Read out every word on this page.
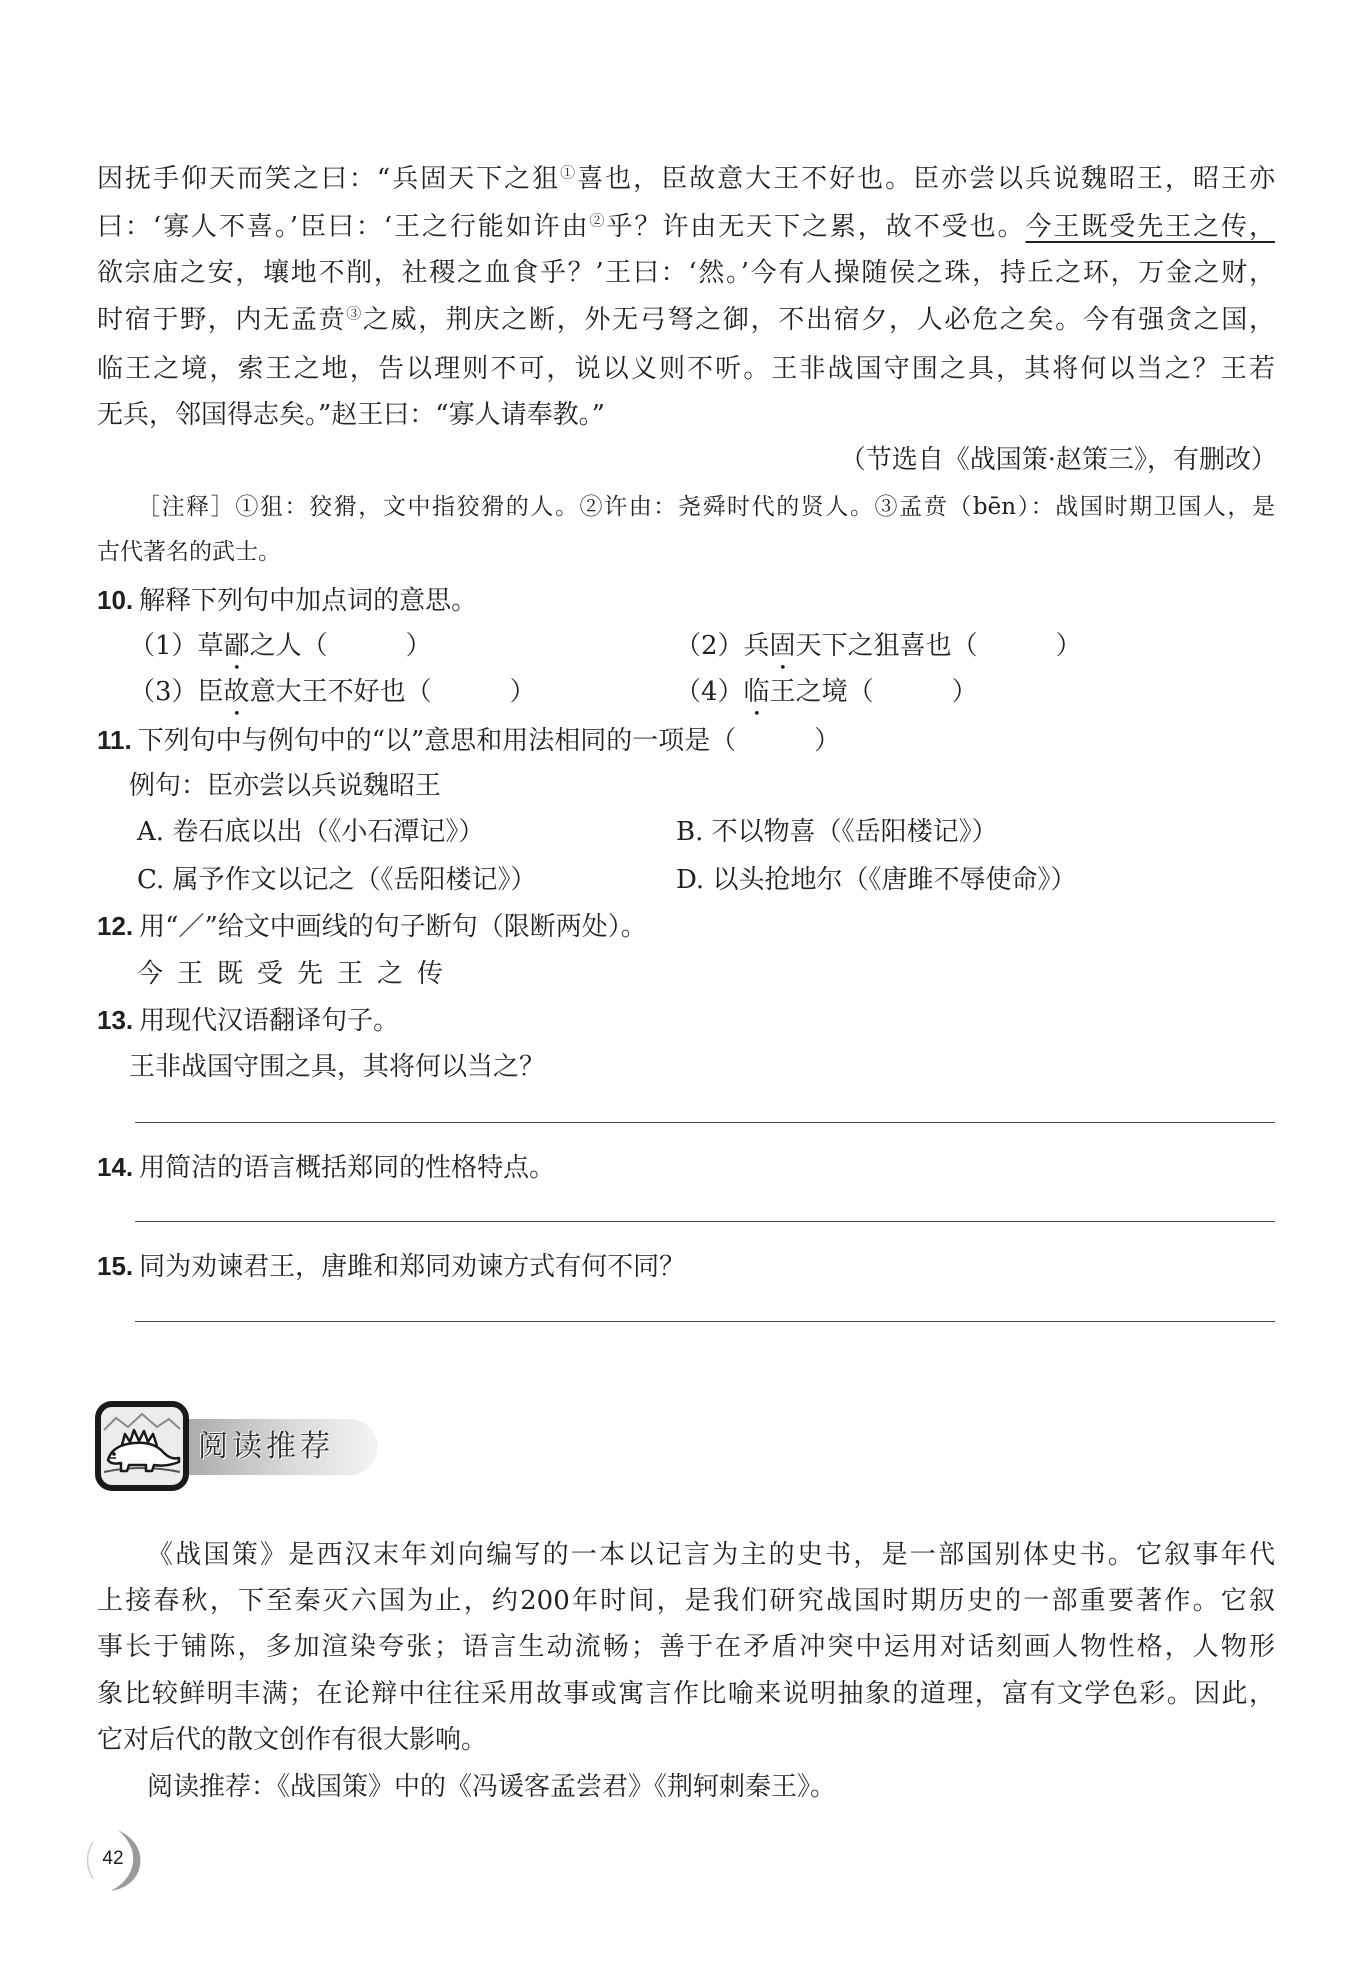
因抚手仰天而笑之曰：“兵固天下之狙①喜也，臣故意大王不好也。臣亦尝以兵说魏昭王，昭王亦
曰：‘寡人不喜。’臣曰：‘王之行能如许由②乎？许由无天下之累，故不受也。今王既受先王之传，
欲宗庙之安，壤地不削，社稷之血食乎？’王曰：‘然。’今有人操随侯之珠，持丘之环，万金之财，
时宿于野，内无孟贲③之威，荆庆之断，外无弓弩之御，不出宿夕，人必危之矣。今有强贪之国，
临王之境，索王之地，告以理则不可，说以义则不听。王非战国守围之具，其将何以当之？王若
无兵，邻国得志矣。”赵王曰：“寡人请奉教。”
（节选自《战国策·赵策三》，有删改）
［注释］①狙：狡猾，文中指狡猾的人。②许由：尧舜时代的贤人。③孟贲（bēn）：战国时期卫国人，是
古代著名的武士。
10. 解释下列句中加点词的意思。
（1）草鄙之人（　　　）	（2）兵固天下之狙喜也（　　　）
（3）臣故意大王不好也（　　　）	（4）临王之境（　　　）
11. 下列句中与例句中的“以”意思和用法相同的一项是（　　　）
例句：臣亦尝以兵说魏昭王
A. 卷石底以出（《小石潭记》）	B. 不以物喜（《岳阳楼记》）
C. 属予作文以记之（《岳阳楼记》）	D. 以头抢地尔（《唐雎不辱使命》）
12. 用“／”给文中画线的句子断句（限断两处）。
今王既受先王之传
13. 用现代汉语翻译句子。
王非战国守围之具，其将何以当之？
14. 用简洁的语言概括郑同的性格特点。
15. 同为劝谏君王，唐雎和郑同劝谏方式有何不同？
阅读推荐
《战国策》是西汉末年刘向编写的一本以记言为主的史书，是一部国别体史书。它叙事年代
上接春秋，下至秦灭六国为止，约200年时间，是我们研究战国时期历史的一部重要著作。它叙
事长于铺陈，多加渲染夸张；语言生动流畅；善于在矛盾冲突中运用对话刻画人物性格，人物形
象比较鲜明丰满；在论辩中往往采用故事或寓言作比喻来说明抽象的道理，富有文学色彩。因此，
它对后代的散文创作有很大影响。
阅读推荐：《战国策》中的《冯谖客孟尝君》《荆轲刺秦王》。
42
